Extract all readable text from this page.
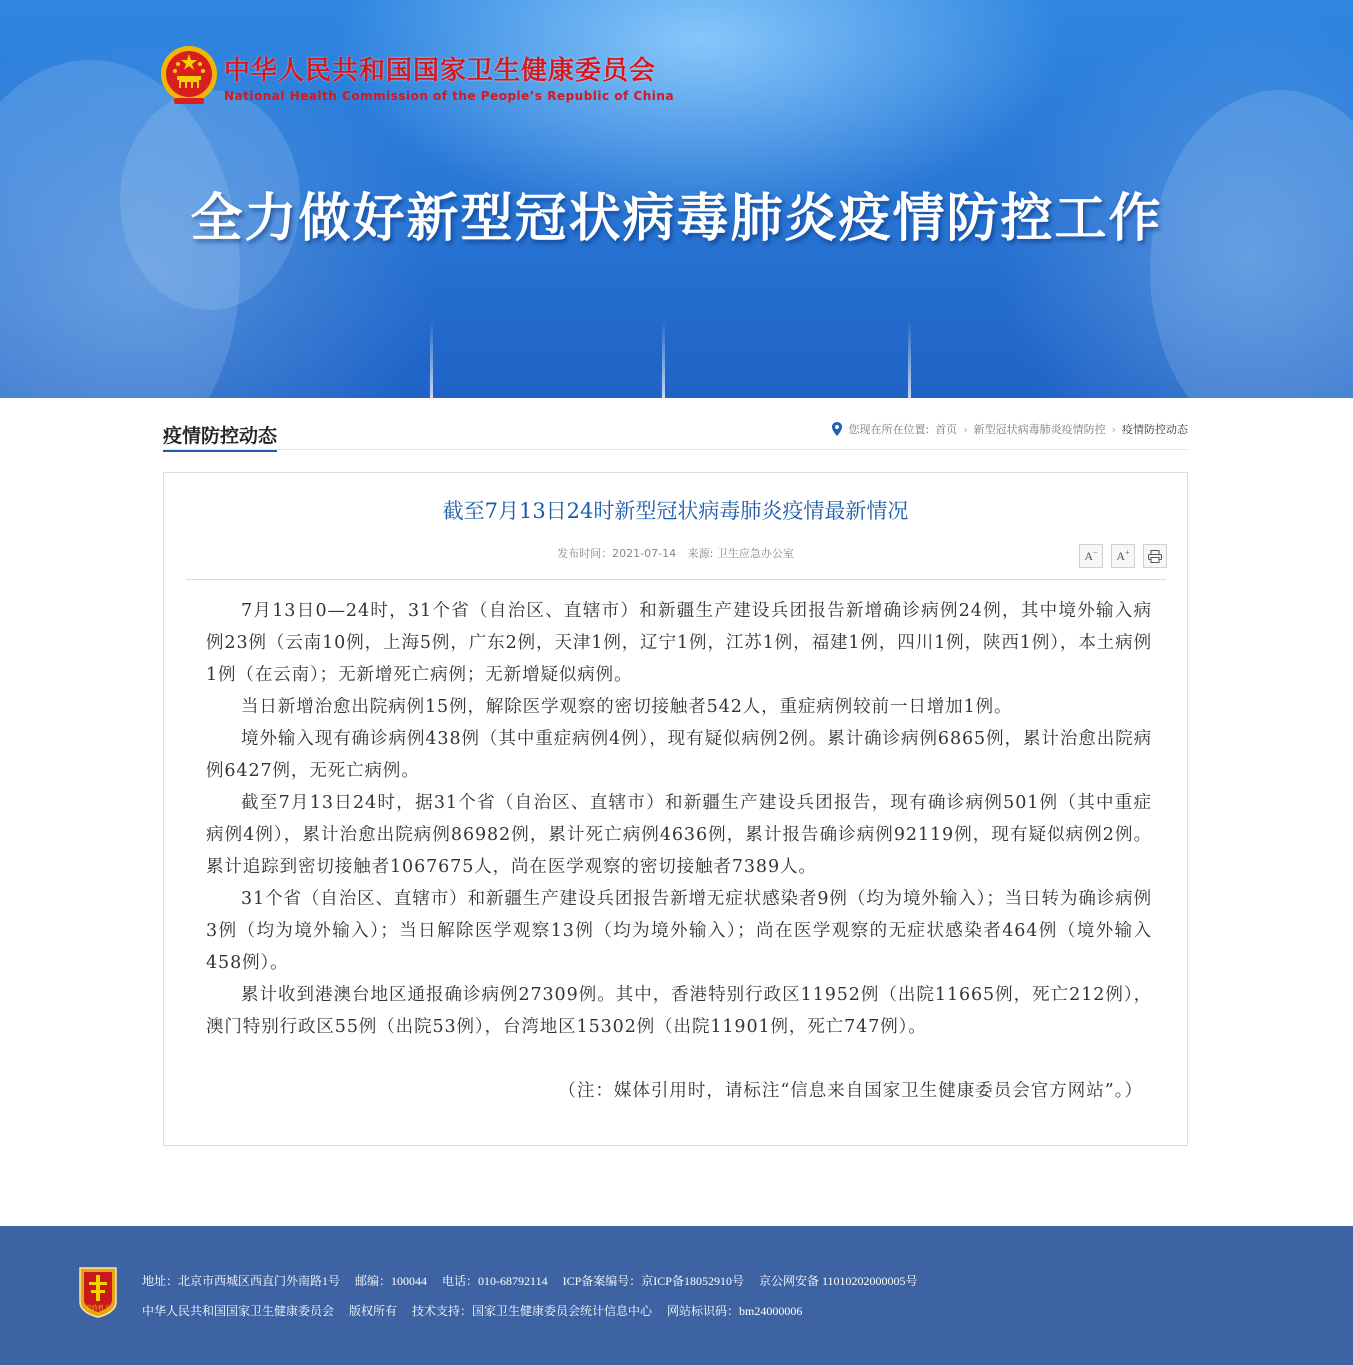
中华人民共和国国家卫生健康委员会

National Health Commission of the People’s Republic of China

全力做好新型冠状病毒肺炎疫情防控工作
疫情防控动态	您现在所在位置: 首页 › 新型冠状病毒肺炎疫情防控 › 疫情防控动态
截至7月13日24时新型冠状病毒肺炎疫情最新情况
发布时间：2021-07-14 来源: 卫生应急办公室	A− A+

7月13日0—24时，31个省（自治区、直辖市）和新疆生产建设兵团报告新增确诊病例24例，其中境外输入病例23例（云南10例，上海5例，广东2例，天津1例，辽宁1例，江苏1例，福建1例，四川1例，陕西1例），本土病例1例（在云南）；无新增死亡病例；无新增疑似病例。

当日新增治愈出院病例15例，解除医学观察的密切接触者542人，重症病例较前一日增加1例。

境外输入现有确诊病例438例（其中重症病例4例），现有疑似病例2例。累计确诊病例6865例，累计治愈出院病例6427例，无死亡病例。

截至7月13日24时，据31个省（自治区、直辖市）和新疆生产建设兵团报告，现有确诊病例501例（其中重症病例4例），累计治愈出院病例86982例，累计死亡病例4636例，累计报告确诊病例92119例，现有疑似病例2例。累计追踪到密切接触者1067675人，尚在医学观察的密切接触者7389人。

31个省（自治区、直辖市）和新疆生产建设兵团报告新增无症状感染者9例（均为境外输入）；当日转为确诊病例3例（均为境外输入）；当日解除医学观察13例（均为境外输入）；尚在医学观察的无症状感染者464例（境外输入458例）。

累计收到港澳台地区通报确诊病例27309例。其中，香港特别行政区11952例（出院11665例，死亡212例），澳门特别行政区55例（出院53例），台湾地区15302例（出院11901例，死亡747例）。

（注：媒体引用时，请标注“信息来自国家卫生健康委员会官方网站”。）

党政机关

地址：北京市西城区西直门外南路1号 邮编：100044 电话：010-68792114 ICP备案编号：京ICP备18052910号 京公网安备 11010202000005号

中华人民共和国国家卫生健康委员会 版权所有 技术支持：国家卫生健康委员会统计信息中心 网站标识码：bm24000006
